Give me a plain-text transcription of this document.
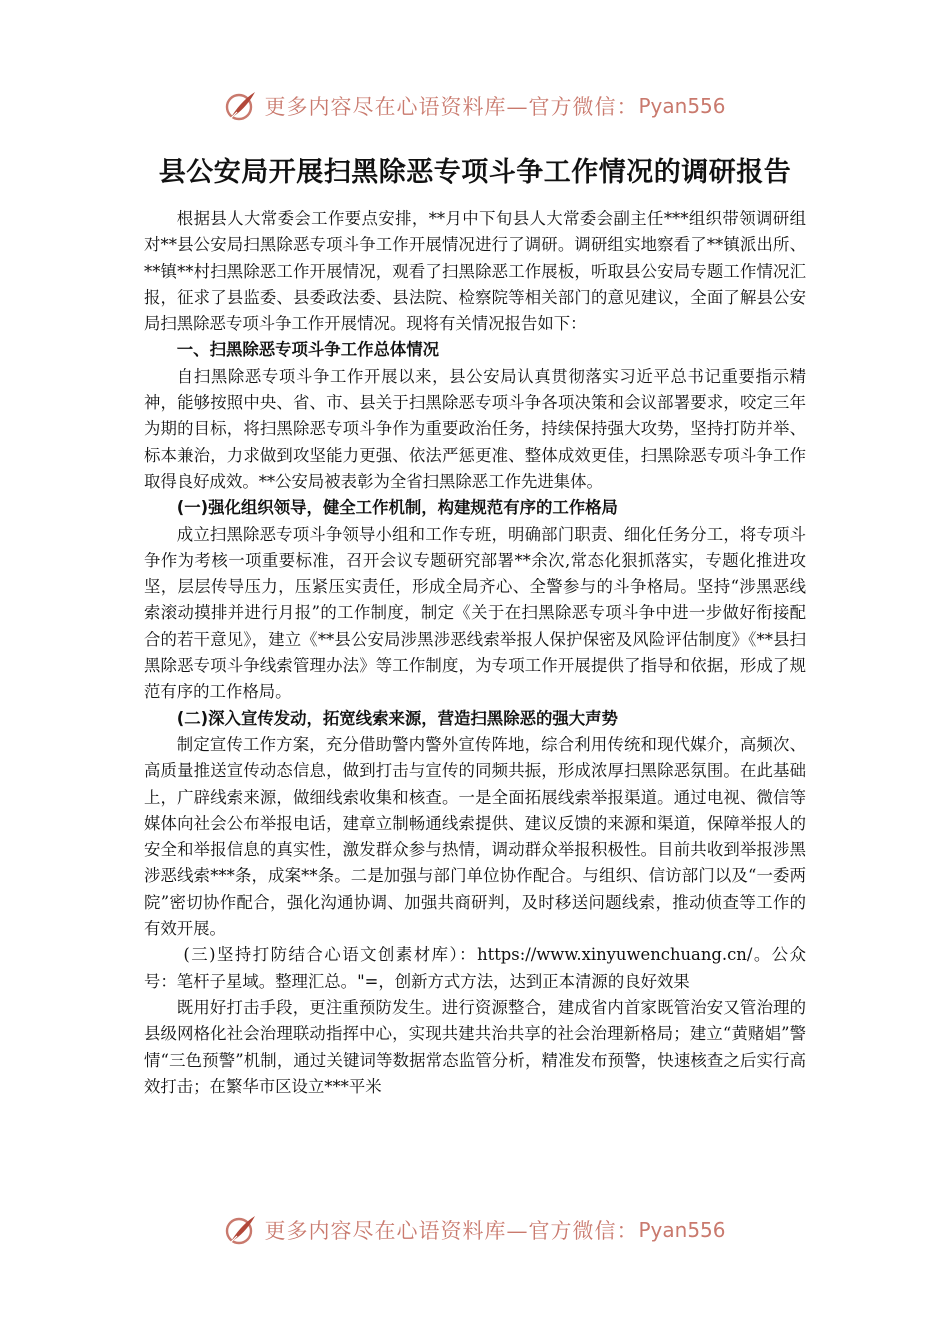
更多内容尽在心语资料库—官方微信： Pyan556
县公安局开展扫黑除恶专项斗争工作情况的调研报告

根据县人大常委会工作要点安排，**月中下旬县人大常委会副主任***组织带领调研组对**县公安局扫黑除恶专项斗争工作开展情况进行了调研。调研组实地察看了**镇派出所、**镇**村扫黑除恶工作开展情况，观看了扫黑除恶工作展板，听取县公安局专题工作情况汇报，征求了县监委、县委政法委、县法院、检察院等相关部门的意见建议，全面了解县公安局扫黑除恶专项斗争工作开展情况。现将有关情况报告如下：

一、扫黑除恶专项斗争工作总体情况

自扫黑除恶专项斗争工作开展以来，县公安局认真贯彻落实习近平总书记重要指示精神，能够按照中央、省、市、县关于扫黑除恶专项斗争各项决策和会议部署要求，咬定三年为期的目标，将扫黑除恶专项斗争作为重要政治任务，持续保持强大攻势，坚持打防并举、标本兼治，力求做到攻坚能力更强、依法严惩更准、整体成效更佳，扫黑除恶专项斗争工作取得良好成效。**公安局被表彰为全省扫黑除恶工作先进集体。

(一)强化组织领导，健全工作机制，构建规范有序的工作格局

成立扫黑除恶专项斗争领导小组和工作专班，明确部门职责、细化任务分工，将专项斗争作为考核一项重要标准，召开会议专题研究部署**余次,常态化狠抓落实，专题化推进攻坚，层层传导压力，压紧压实责任，形成全局齐心、全警参与的斗争格局。坚持“涉黑恶线索滚动摸排并进行月报”的工作制度，制定《关于在扫黑除恶专项斗争中进一步做好衔接配合的若干意见》，建立《**县公安局涉黑涉恶线索举报人保护保密及风险评估制度》《**县扫黑除恶专项斗争线索管理办法》等工作制度，为专项工作开展提供了指导和依据，形成了规范有序的工作格局。

(二)深入宣传发动，拓宽线索来源，营造扫黑除恶的强大声势

制定宣传工作方案，充分借助警内警外宣传阵地，综合利用传统和现代媒介，高频次、高质量推送宣传动态信息，做到打击与宣传的同频共振，形成浓厚扫黑除恶氛围。在此基础上，广辟线索来源，做细线索收集和核查。一是全面拓展线索举报渠道。通过电视、微信等媒体向社会公布举报电话，建章立制畅通线索提供、建议反馈的来源和渠道，保障举报人的安全和举报信息的真实性，激发群众参与热情，调动群众举报积极性。目前共收到举报涉黑涉恶线索***条，成案**条。二是加强与部门单位协作配合。与组织、信访部门以及“一委两院”密切协作配合，强化沟通协调、加强共商研判，及时移送问题线索，推动侦查等工作的有效开展。

(三)坚持打防结合心语文创素材库）：https://www.xinyuwenchuang.cn/。公众号：笔杆子星域。整理汇总。"=，创新方式方法，达到正本清源的良好效果

既用好打击手段，更注重预防发生。进行资源整合，建成省内首家既管治安又管治理的县级网格化社会治理联动指挥中心，实现共建共治共享的社会治理新格局；建立“黄赌娼”警情“三色预警”机制，通过关键词等数据常态监管分析，精准发布预警，快速核查之后实行高效打击；在繁华市区设立***平米

更多内容尽在心语资料库—官方微信： Pyan556
